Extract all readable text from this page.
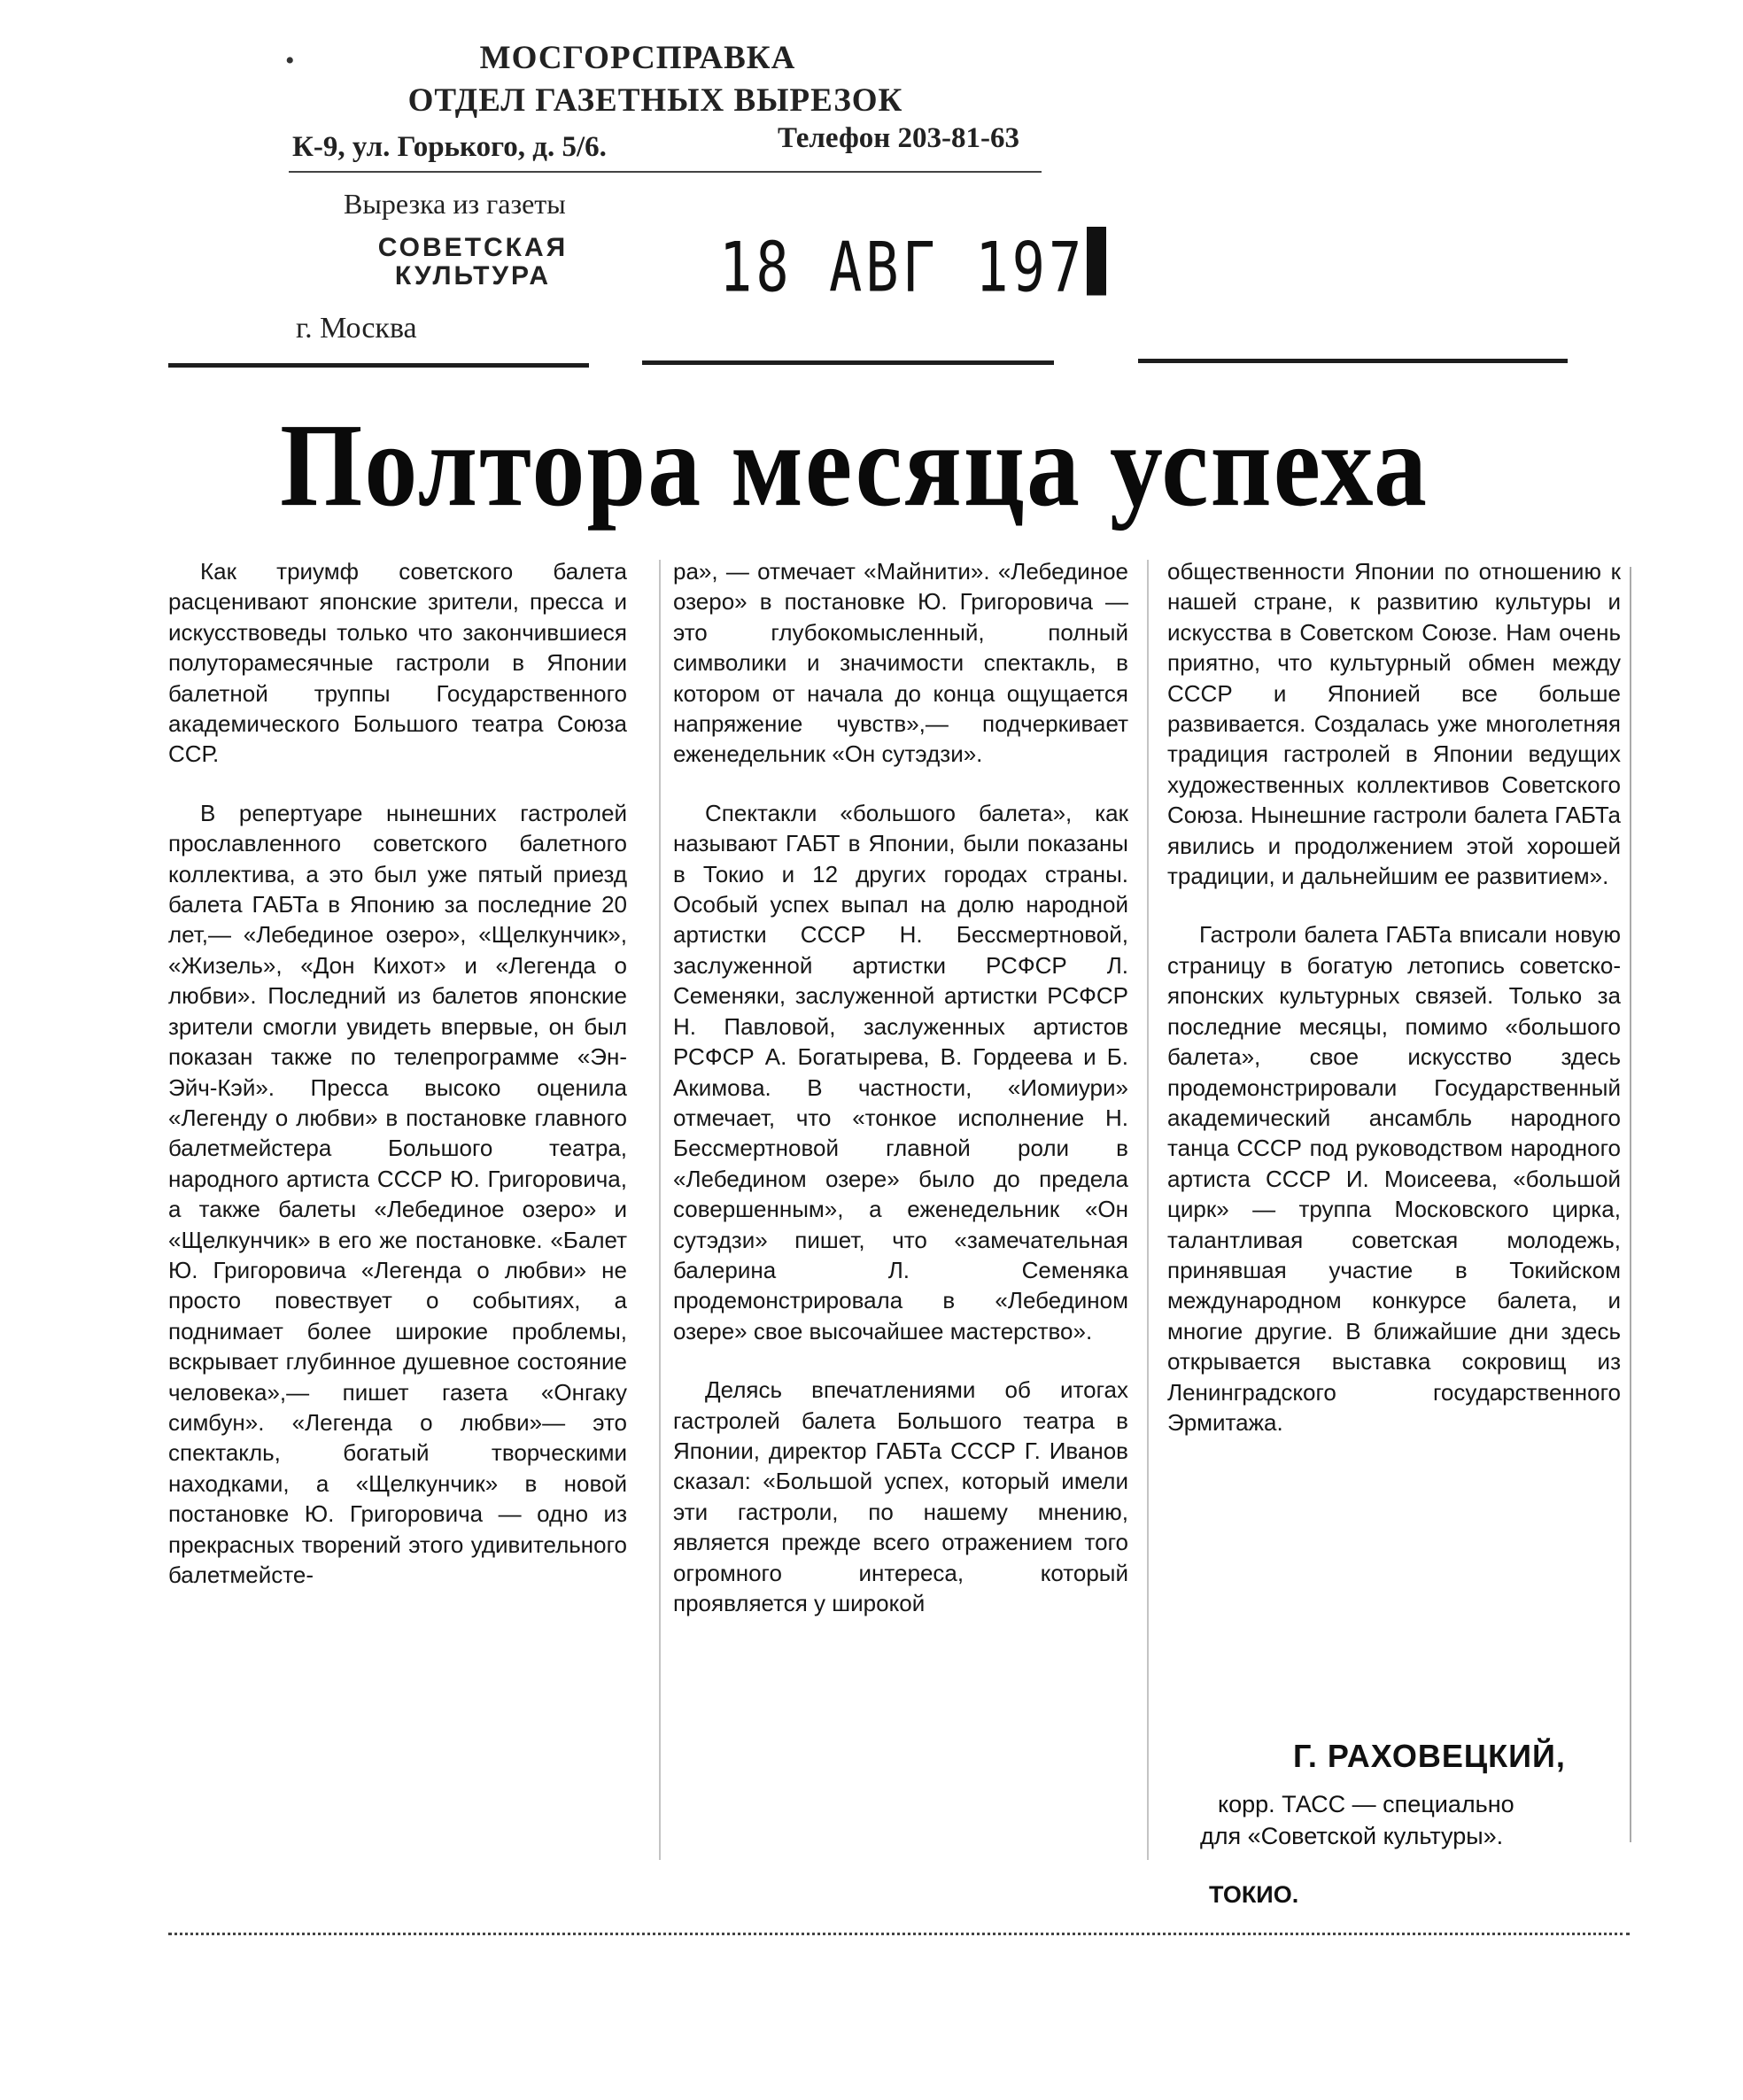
•	МОСГОРСПРАВКА
ОТДЕЛ ГАЗЕТНЫХ ВЫРЕЗОК
К-9, ул. Горького, д. 5/6.	Телефон 203-81-63
Вырезка из газеты
СОВЕТСКАЯ
КУЛЬТУРА	18 АВГ 197
г. Москва
Полтора месяца успеха

Как триумф советского балета расценивают японские зрители, пресса и искусствоведы только что закончившиеся полуторамесячные гастроли в Японии балетной труппы Государственного академического Большого театра Союза ССР.

В репертуаре нынешних гастролей прославленного советского балетного коллектива, а это был уже пятый приезд балета ГАБТа в Японию за последние 20 лет,— «Лебединое озеро», «Щелкунчик», «Жизель», «Дон Кихот» и «Легенда о любви». Последний из балетов японские зрители смогли увидеть впервые, он был показан также по телепрограмме «Эн-Эйч-Кэй». Пресса высоко оценила «Легенду о любви» в постановке главного балетмейстера Большого театра, народного артиста СССР Ю. Григоровича, а также балеты «Лебединое озеро» и «Щелкунчик» в его же постановке. «Балет Ю. Григоровича «Легенда о любви» не просто повествует о событиях, а поднимает более широкие проблемы, вскрывает глубинное душевное состояние человека»,— пишет газета «Онгаку симбун». «Легенда о любви»— это спектакль, богатый творческими находками, а «Щелкунчик» в новой постановке Ю. Григоровича — одно из прекрасных творений этого удивительного балетмейсте-

ра», — отмечает «Майнити». «Лебединое озеро» в постановке Ю. Григоровича — это глубокомысленный, полный символики и значимости спектакль, в котором от начала до конца ощущается напряжение чувств»,— подчеркивает еженедельник «Он сутэдзи».

Спектакли «большого балета», как называют ГАБТ в Японии, были показаны в Токио и 12 других городах страны. Особый успех выпал на долю народной артистки СССР Н. Бессмертновой, заслуженной артистки РСФСР Л. Семеняки, заслуженной артистки РСФСР Н. Павловой, заслуженных артистов РСФСР А. Богатырева, В. Гордеева и Б. Акимова. В частности, «Иомиури» отмечает, что «тонкое исполнение Н. Бессмертновой главной роли в «Лебедином озере» было до предела совершенным», а еженедельник «Он сутэдзи» пишет, что «замечательная балерина Л. Семеняка продемонстрировала в «Лебедином озере» свое высочайшее мастерство».

Делясь впечатлениями об итогах гастролей балета Большого театра в Японии, директор ГАБТа СССР Г. Иванов сказал: «Большой успех, который имели эти гастроли, по нашему мнению, является прежде всего отражением того огромного интереса, который проявляется у широкой

общественности Японии по отношению к нашей стране, к развитию культуры и искусства в Советском Союзе. Нам очень приятно, что культурный обмен между СССР и Японией все больше развивается. Создалась уже многолетняя традиция гастролей в Японии ведущих художественных коллективов Советского Союза. Нынешние гастроли балета ГАБТа явились и продолжением этой хорошей традиции, и дальнейшим ее развитием».

Гастроли балета ГАБТа вписали новую страницу в богатую летопись советско-японских культурных связей. Только за последние месяцы, помимо «большого балета», свое искусство здесь продемонстрировали Государственный академический ансамбль народного танца СССР под руководством народного артиста СССР И. Моисеева, «большой цирк» — труппа Московского цирка, талантливая советская молодежь, принявшая участие в Токийском международном конкурсе балета, и многие другие. В ближайшие дни здесь открывается выставка сокровищ из Ленинградского государственного Эрмитажа.

Г. РАХОВЕЦКИЙ,
корр. ТАСС — специально
для «Советской культуры».
ТОКИО.
